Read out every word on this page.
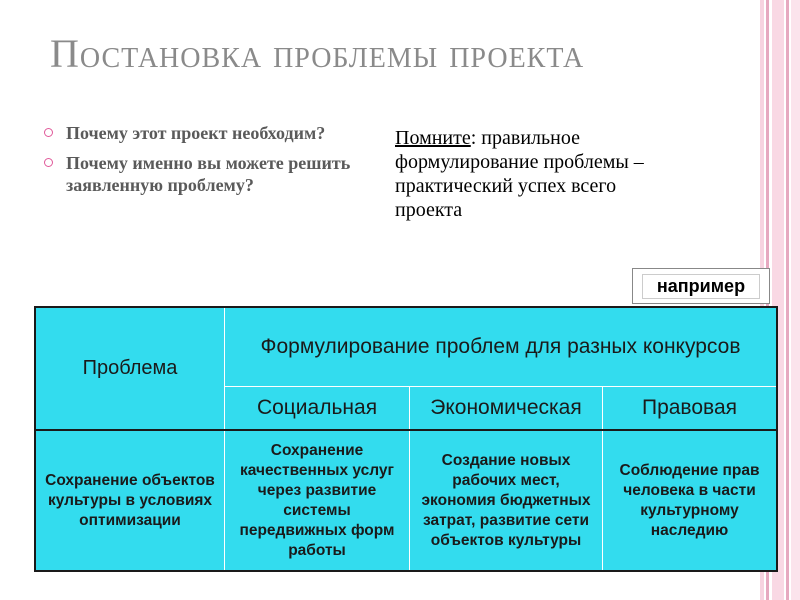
Постановка проблемы проекта
Почему этот проект необходим?
Почему именно вы можете решить заявленную проблему?
Помните: правильное формулирование проблемы – практический успех всего проекта
например
Проблема	Формулирование проблем для разных конкурсов		
	Социальная	Экономическая	Правовая
Сохранение объектов культуры в условиях оптимизации	Сохранение качественных услуг через развитие системы передвижных форм работы	Создание новых рабочих мест, экономия бюджетных затрат, развитие сети объектов культуры	Соблюдение прав человека в части культурному наследию
